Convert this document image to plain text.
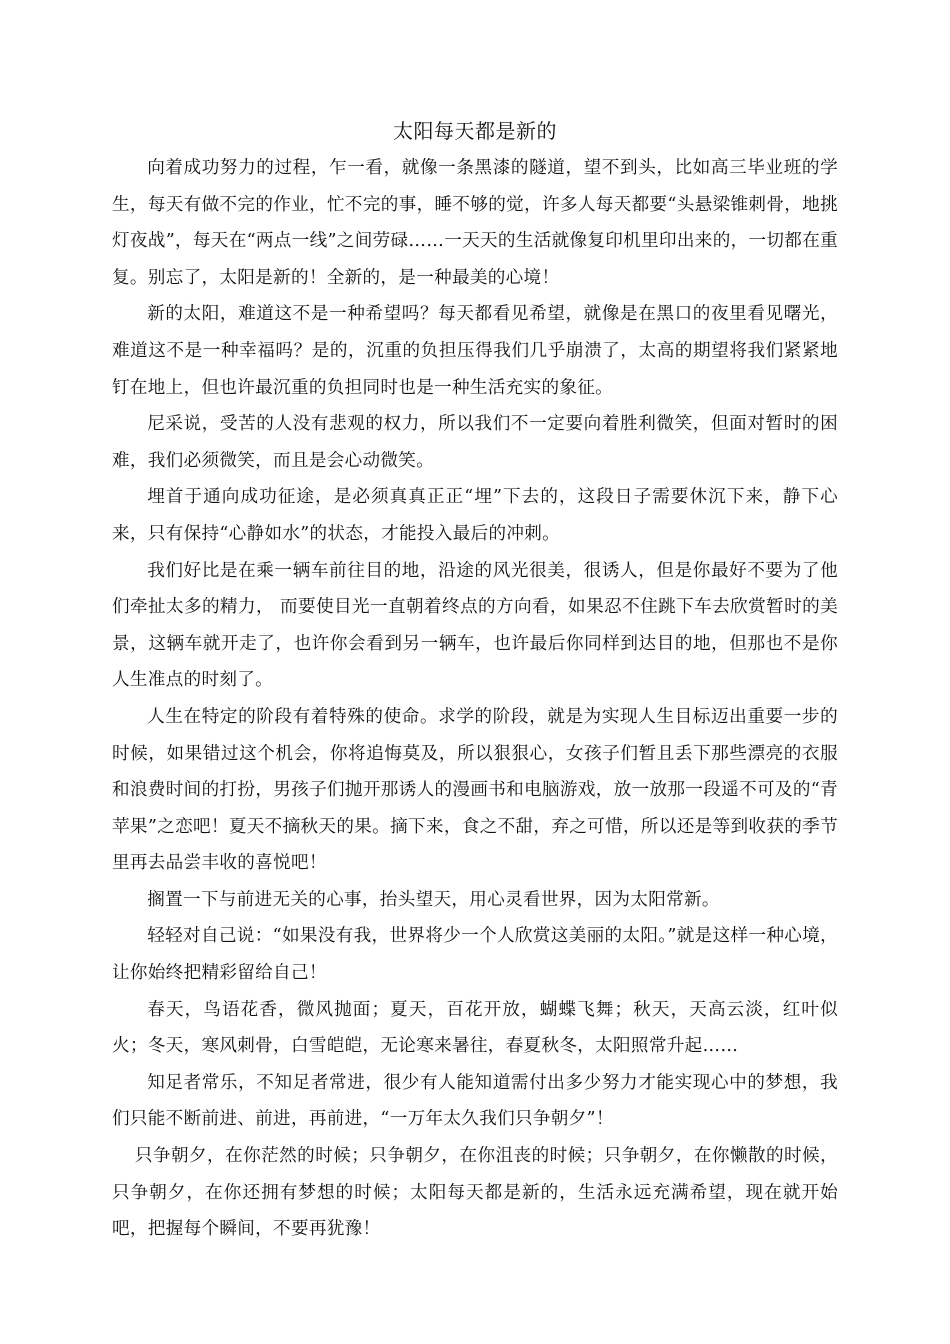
太阳每天都是新的

向着成功努力的过程，乍一看，就像一条黑漆的隧道，望不到头，比如高三毕业班的学生，每天有做不完的作业，忙不完的事，睡不够的觉，许多人每天都要“头悬梁锥刺骨，地挑灯夜战”，每天在“两点一线”之间劳碌……一天天的生活就像复印机里印出来的，一切都在重复。别忘了，太阳是新的！全新的，是一种最美的心境！

新的太阳，难道这不是一种希望吗？每天都看见希望，就像是在黑口的夜里看见曙光，难道这不是一种幸福吗？是的，沉重的负担压得我们几乎崩溃了，太高的期望将我们紧紧地钉在地上，但也许最沉重的负担同时也是一种生活充实的象征。

尼采说，受苦的人没有悲观的权力，所以我们不一定要向着胜利微笑，但面对暂时的困难，我们必须微笑，而且是会心动微笑。

埋首于通向成功征途，是必须真真正正“埋”下去的，这段日子需要休沉下来，静下心来，只有保持“心静如水”的状态，才能投入最后的冲刺。

我们好比是在乘一辆车前往目的地，沿途的风光很美，很诱人，但是你最好不要为了他们牵扯太多的精力， 而要使目光一直朝着终点的方向看，如果忍不住跳下车去欣赏暂时的美景，这辆车就开走了，也许你会看到另一辆车，也许最后你同样到达目的地，但那也不是你人生准点的时刻了。

人生在特定的阶段有着特殊的使命。求学的阶段，就是为实现人生目标迈出重要一步的时候，如果错过这个机会，你将追悔莫及，所以狠狠心，女孩子们暂且丢下那些漂亮的衣服和浪费时间的打扮，男孩子们抛开那诱人的漫画书和电脑游戏，放一放那一段遥不可及的“青苹果”之恋吧！夏天不摘秋天的果。摘下来，食之不甜，弃之可惜，所以还是等到收获的季节里再去品尝丰收的喜悦吧！

搁置一下与前进无关的心事，抬头望天，用心灵看世界，因为太阳常新。

轻轻对自己说：“如果没有我，世界将少一个人欣赏这美丽的太阳。”就是这样一种心境，让你始终把精彩留给自己！

春天，鸟语花香，微风抛面；夏天，百花开放，蝴蝶飞舞；秋天，天高云淡，红叶似火；冬天，寒风刺骨，白雪皑皑，无论寒来暑往，春夏秋冬，太阳照常升起……

知足者常乐，不知足者常进，很少有人能知道需付出多少努力才能实现心中的梦想，我们只能不断前进、前进，再前进，“一万年太久我们只争朝夕”！

只争朝夕，在你茫然的时候；只争朝夕，在你沮丧的时候；只争朝夕，在你懒散的时候，只争朝夕，在你还拥有梦想的时候；太阳每天都是新的，生活永远充满希望，现在就开始吧，把握每个瞬间，不要再犹豫！
